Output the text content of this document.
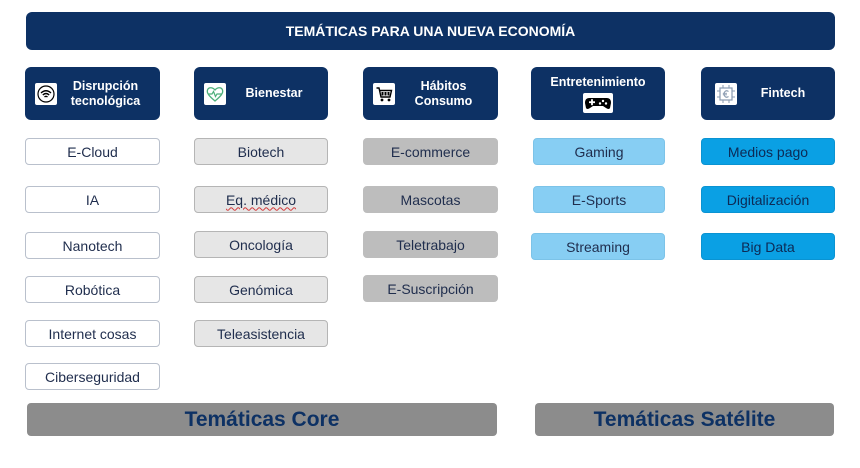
TEMÁTICAS PARA UNA NUEVA ECONOMÍA
Disrupción tecnológica
Bienestar
Hábitos Consumo
Entretenimiento
Fintech
E-Cloud
IA
Nanotech
Robótica
Internet cosas
Ciberseguridad
Biotech
Eq. médico
Oncología
Genómica
Teleasistencia
E-commerce
Mascotas
Teletrabajo
E-Suscripción
Gaming
E-Sports
Streaming
Medios pago
Digitalización
Big Data
Temáticas Core	Temáticas Satélite
